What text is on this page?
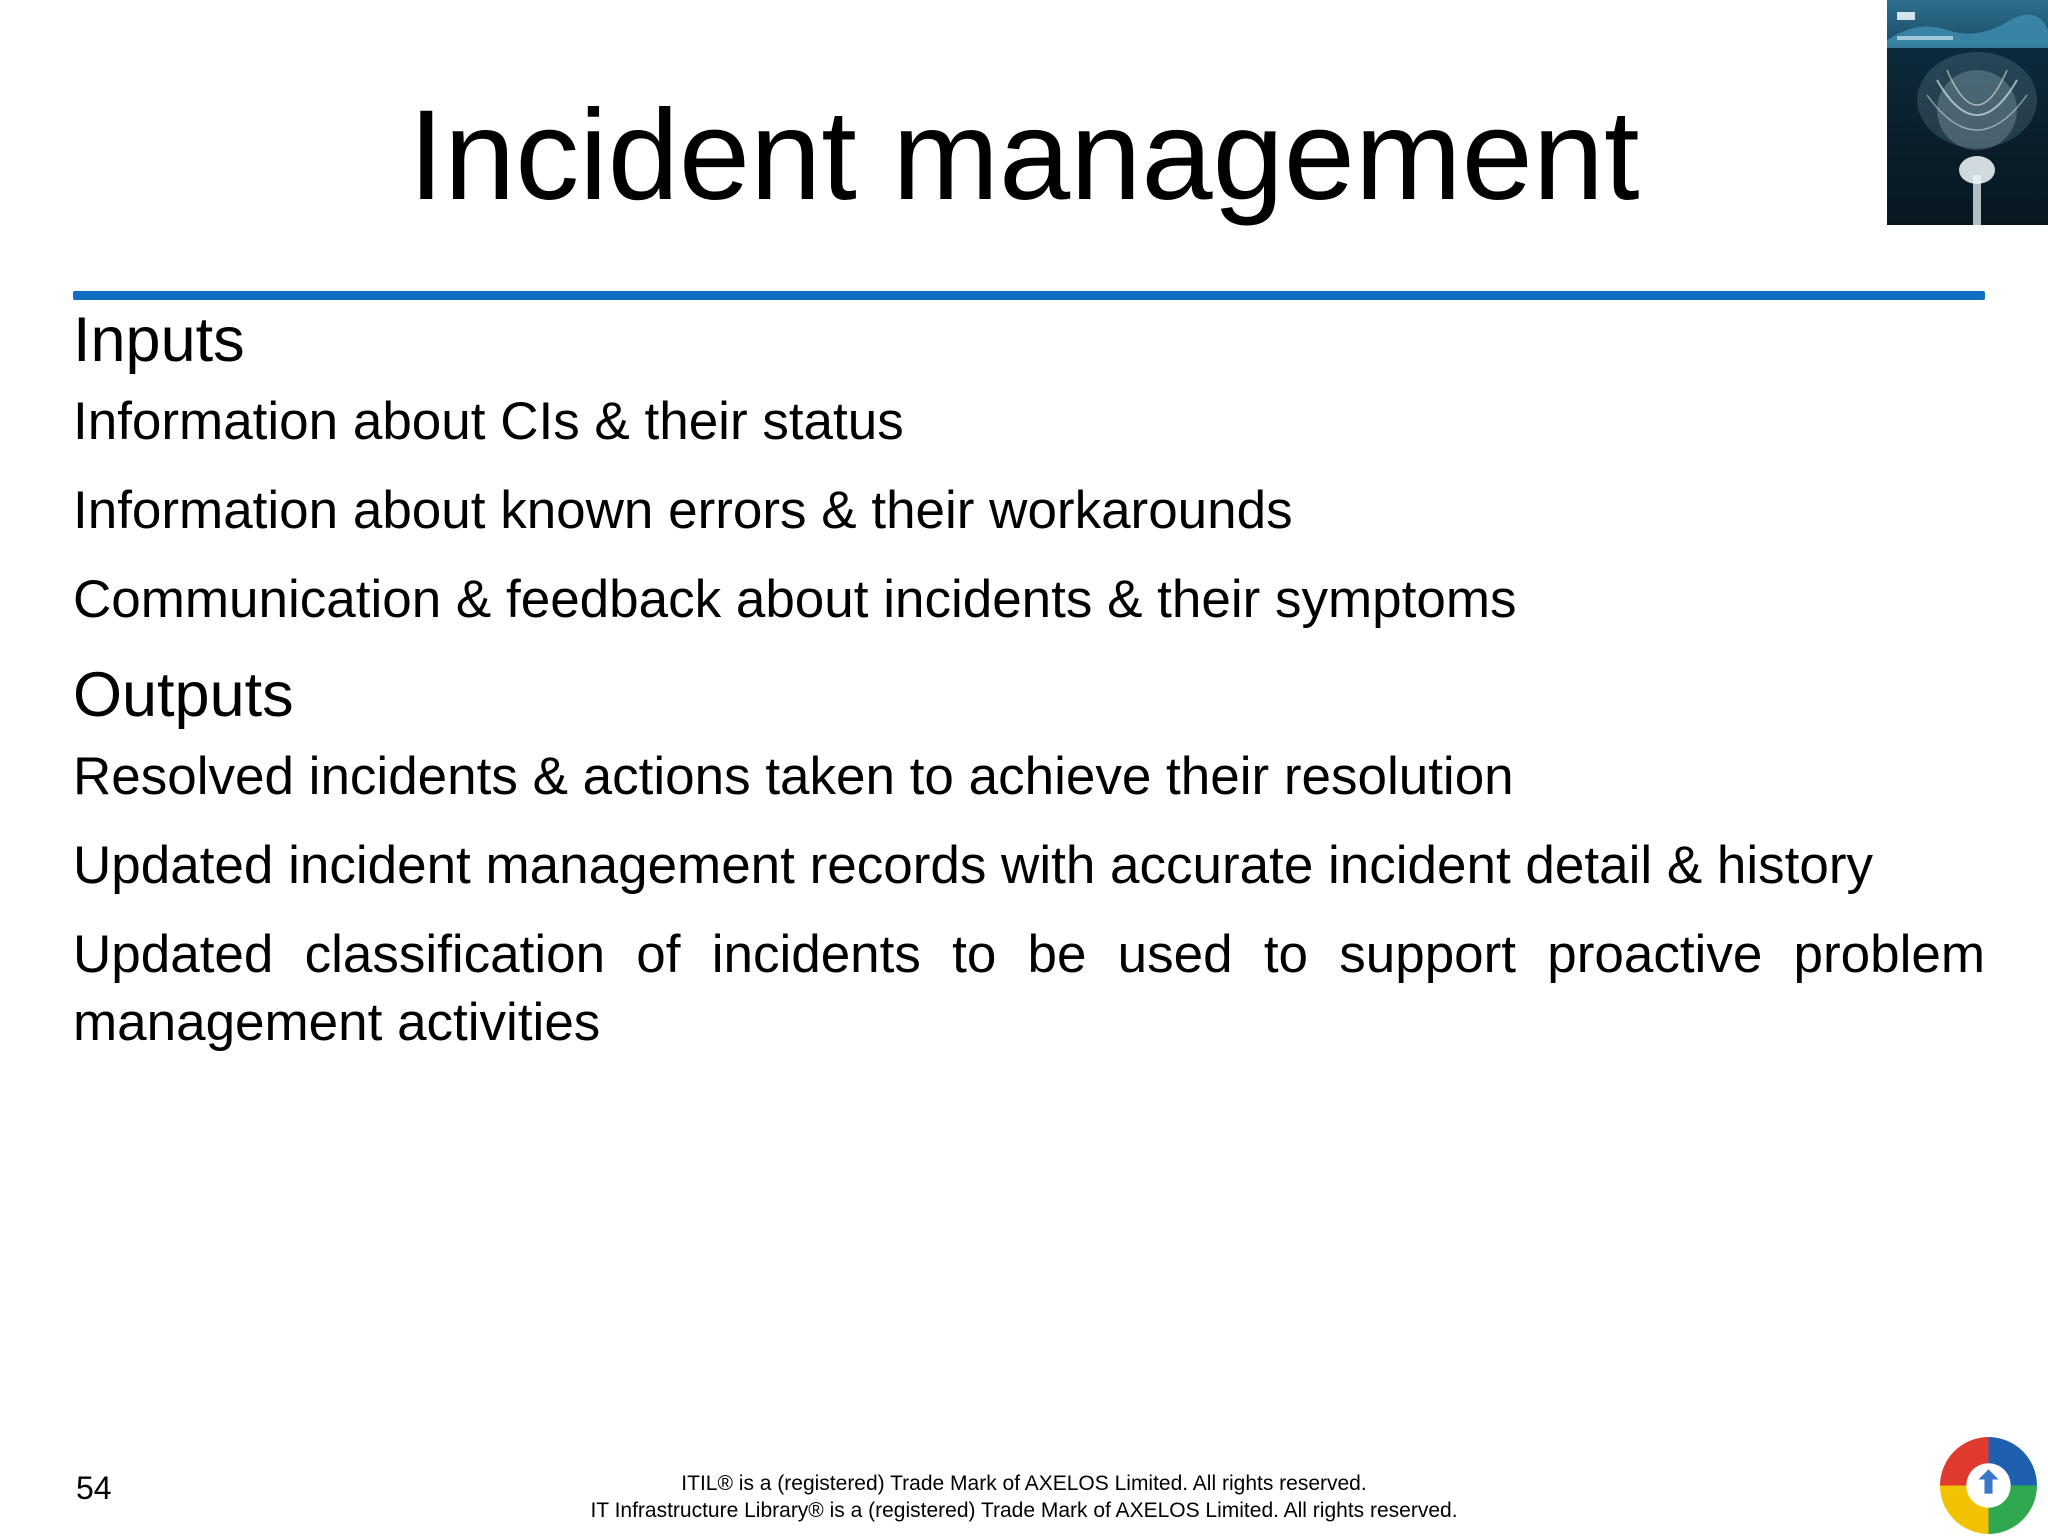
Incident management
Inputs

Information about CIs & their status

Information about known errors & their workarounds

Communication & feedback about incidents & their symptoms

Outputs

Resolved incidents & actions taken to achieve their resolution

Updated incident management records with accurate incident detail & history

Updated classification of incidents to be used to support proactive problem management activities

54	ITIL® is a (registered) Trade Mark of AXELOS Limited. All rights reserved.
IT Infrastructure Library® is a (registered) Trade Mark of AXELOS Limited. All rights reserved.
